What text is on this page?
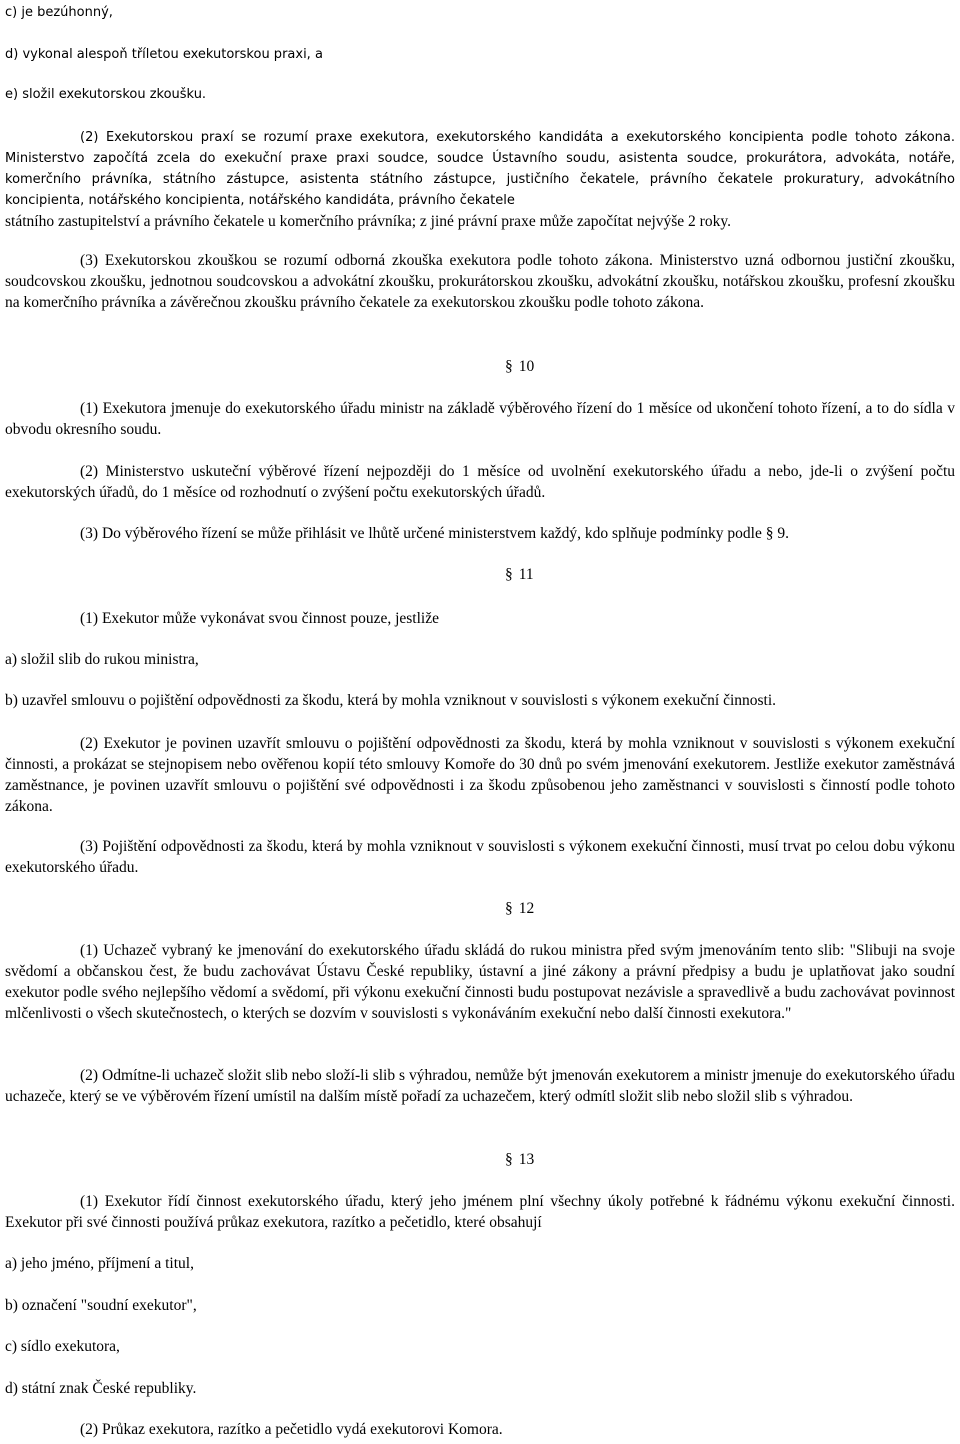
c) je bezúhonný,

d) vykonal alespoň tříletou exekutorskou praxi, a

e) složil exekutorskou zkoušku.

(2) Exekutorskou praxí se rozumí praxe exekutora, exekutorského kandidáta a exekutorského koncipienta podle tohoto zákona. Ministerstvo započítá zcela do exekuční praxe praxi soudce, soudce Ústavního soudu, asistenta soudce, prokurátora, advokáta, notáře, komerčního právníka, státního zástupce, asistenta státního zástupce, justičního čekatele, právního čekatele prokuratury, advokátního koncipienta, notářského koncipienta, notářského kandidáta, právního čekatele

státního zastupitelství a právního čekatele u komerčního právníka; z jiné právní praxe může započítat nejvýše 2 roky.

(3) Exekutorskou zkouškou se rozumí odborná zkouška exekutora podle tohoto zákona. Ministerstvo uzná odbornou justiční zkoušku, soudcovskou zkoušku, jednotnou soudcovskou a advokátní zkoušku, prokurátorskou zkoušku, advokátní zkoušku, notářskou zkoušku, profesní zkoušku na komerčního právníka a závěrečnou zkoušku právního čekatele za exekutorskou zkoušku podle tohoto zákona.

§ 10

(1) Exekutora jmenuje do exekutorského úřadu ministr na základě výběrového řízení do 1 měsíce od ukončení tohoto řízení, a to do sídla v obvodu okresního soudu.
(2) Ministerstvo uskuteční výběrové řízení nejpozději do 1 měsíce od uvolnění exekutorského úřadu a nebo, jde-li o zvýšení počtu exekutorských úřadů, do 1 měsíce od rozhodnutí o zvýšení počtu exekutorských úřadů.
(3) Do výběrového řízení se může přihlásit ve lhůtě určené ministerstvem každý, kdo splňuje podmínky podle § 9.

§ 11

(1) Exekutor může vykonávat svou činnost pouze, jestliže

a) složil slib do rukou ministra,

b) uzavřel smlouvu o pojištění odpovědnosti za škodu, která by mohla vzniknout v souvislosti s výkonem exekuční činnosti.

(2) Exekutor je povinen uzavřít smlouvu o pojištění odpovědnosti za škodu, která by mohla vzniknout v souvislosti s výkonem exekuční činnosti, a prokázat se stejnopisem nebo ověřenou kopií této smlouvy Komoře do 30 dnů po svém jmenování exekutorem. Jestliže exekutor zaměstnává zaměstnance, je povinen uzavřít smlouvu o pojištění své odpovědnosti i za škodu způsobenou jeho zaměstnanci v souvislosti s činností podle tohoto zákona.
(3) Pojištění odpovědnosti za škodu, která by mohla vzniknout v souvislosti s výkonem exekuční činnosti, musí trvat po celou dobu výkonu exekutorského úřadu.

§ 12

(1) Uchazeč vybraný ke jmenování do exekutorského úřadu skládá do rukou ministra před svým jmenováním tento slib: "Slibuji na svoje svědomí a občanskou čest, že budu zachovávat Ústavu České republiky, ústavní a jiné zákony a právní předpisy a budu je uplatňovat jako soudní exekutor podle svého nejlepšího vědomí a svědomí, při výkonu exekuční činnosti budu postupovat nezávisle a spravedlivě a budu zachovávat povinnost mlčenlivosti o všech skutečnostech, o kterých se dozvím v souvislosti s vykonáváním exekuční nebo další činnosti exekutora."
(2) Odmítne-li uchazeč složit slib nebo složí-li slib s výhradou, nemůže být jmenován exekutorem a ministr jmenuje do exekutorského úřadu uchazeče, který se ve výběrovém řízení umístil na dalším místě pořadí za uchazečem, který odmítl složit slib nebo složil slib s výhradou.

§ 13

(1) Exekutor řídí činnost exekutorského úřadu, který jeho jménem plní všechny úkoly potřebné k řádnému výkonu exekuční činnosti. Exekutor při své činnosti používá průkaz exekutora, razítko a pečetidlo, které obsahují

a) jeho jméno, příjmení a titul,

b) označení "soudní exekutor",

c) sídlo exekutora,

d) státní znak České republiky.

(2) Průkaz exekutora, razítko a pečetidlo vydá exekutorovi Komora.
